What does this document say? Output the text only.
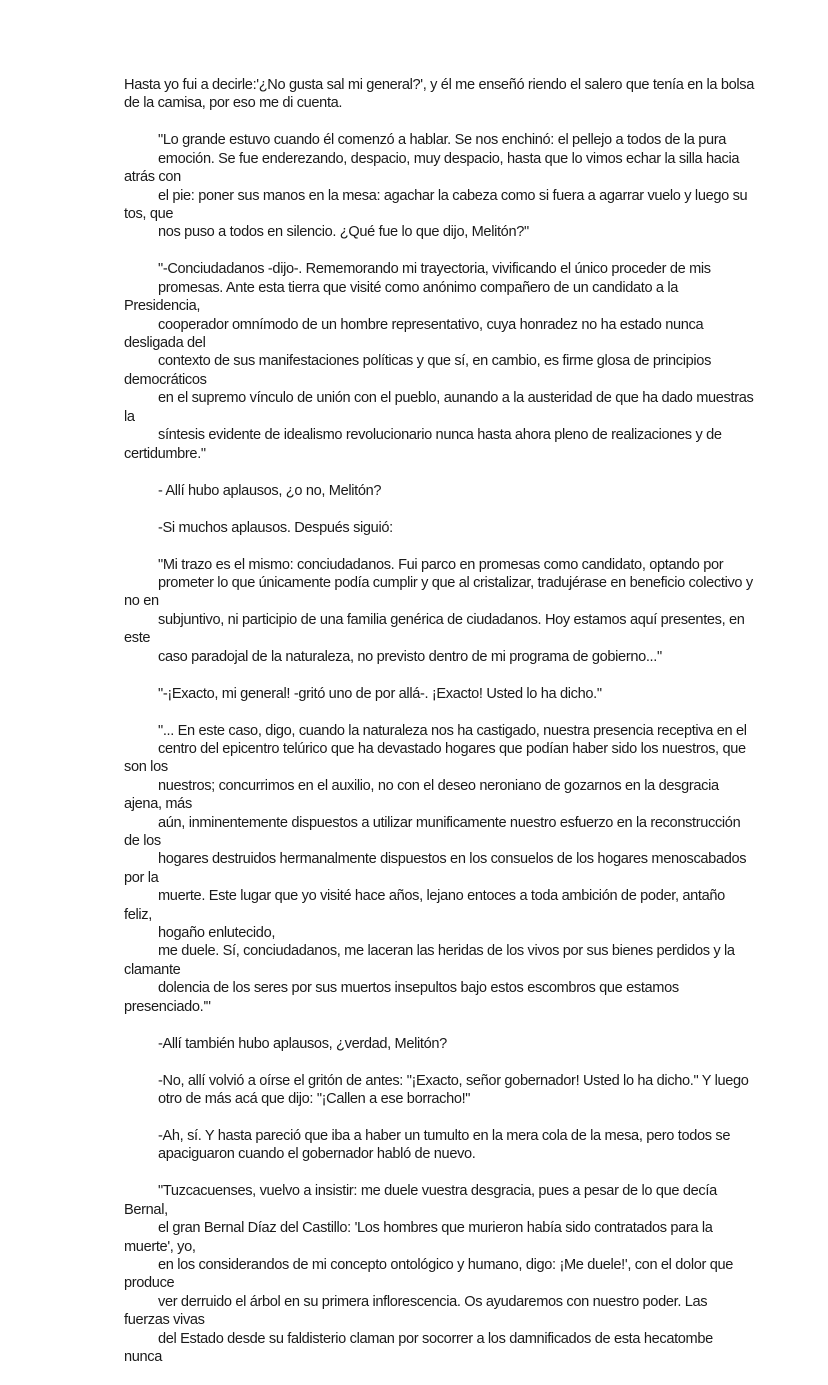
Hasta yo fui a decirle:'¿No gusta sal mi general?', y él me enseñó riendo el salero que tenía en la bolsa
de la camisa, por eso me di cuenta.

"Lo grande estuvo cuando él comenzó a hablar. Se nos enchinó: el pellejo a todos de la pura
emoción. Se fue enderezando, despacio, muy despacio, hasta que lo vimos echar la silla hacia atrás con
el pie: poner sus manos en la mesa: agachar la cabeza como si fuera a agarrar vuelo y luego su tos, que
nos puso a todos en silencio. ¿Qué fue lo que dijo, Melitón?"

"-Conciudadanos -dijo-. Rememorando mi trayectoria, vivificando el único proceder de mis
promesas. Ante esta tierra que visité como anónimo compañero de un candidato a la Presidencia,
cooperador omnímodo de un hombre representativo, cuya honradez no ha estado nunca desligada del
contexto de sus manifestaciones políticas y que sí, en cambio, es firme glosa de principios democráticos
en el supremo vínculo de unión con el pueblo, aunando a la austeridad de que ha dado muestras la
síntesis evidente de idealismo revolucionario nunca hasta ahora pleno de realizaciones y de certidumbre."

- Allí hubo aplausos, ¿o no, Melitón?

-Si muchos aplausos. Después siguió:

"Mi trazo es el mismo: conciudadanos. Fui parco en promesas como candidato, optando por
prometer lo que únicamente podía cumplir y que al cristalizar, tradujérase en beneficio colectivo y no en
subjuntivo, ni participio de una familia genérica de ciudadanos. Hoy estamos aquí presentes, en este
caso paradojal de la naturaleza, no previsto dentro de mi programa de gobierno..."

"-¡Exacto, mi general! -gritó uno de por allá-. ¡Exacto! Usted lo ha dicho."

"... En este caso, digo, cuando la naturaleza nos ha castigado, nuestra presencia receptiva en el
centro del epicentro telúrico que ha devastado hogares que podían haber sido los nuestros, que son los
nuestros; concurrimos en el auxilio, no con el deseo neroniano de gozarnos en la desgracia ajena, más
aún, inminentemente dispuestos a utilizar munificamente nuestro esfuerzo en la reconstrucción de los
hogares destruidos hermanalmente dispuestos en los consuelos de los hogares menoscabados por la
muerte. Este lugar que yo visité hace años, lejano entoces a toda ambición de poder, antaño feliz,
hogaño enlutecido,
me duele. Sí, conciudadanos, me laceran las heridas de los vivos por sus bienes perdidos y la clamante
dolencia de los seres por sus muertos insepultos bajo estos escombros que estamos presenciado.'"

-Allí también hubo aplausos, ¿verdad, Melitón?

-No, allí volvió a oírse el gritón de antes: "¡Exacto, señor gobernador! Usted lo ha dicho." Y luego
otro de más acá que dijo: "¡Callen a ese borracho!"

-Ah, sí. Y hasta pareció que iba a haber un tumulto en la mera cola de la mesa, pero todos se
apaciguaron cuando el gobernador habló de nuevo.

"Tuzcacuenses, vuelvo a insistir: me duele vuestra desgracia, pues a pesar de lo que decía Bernal,
el gran Bernal Díaz del Castillo: 'Los hombres que murieron había sido contratados para la muerte', yo,
en los considerandos de mi concepto ontológico y humano, digo: ¡Me duele!', con el dolor que produce
ver derruido el árbol en su primera inflorescencia. Os ayudaremos con nuestro poder. Las fuerzas vivas
del Estado desde su faldisterio claman por socorrer a los damnificados de esta hecatombe nunca
